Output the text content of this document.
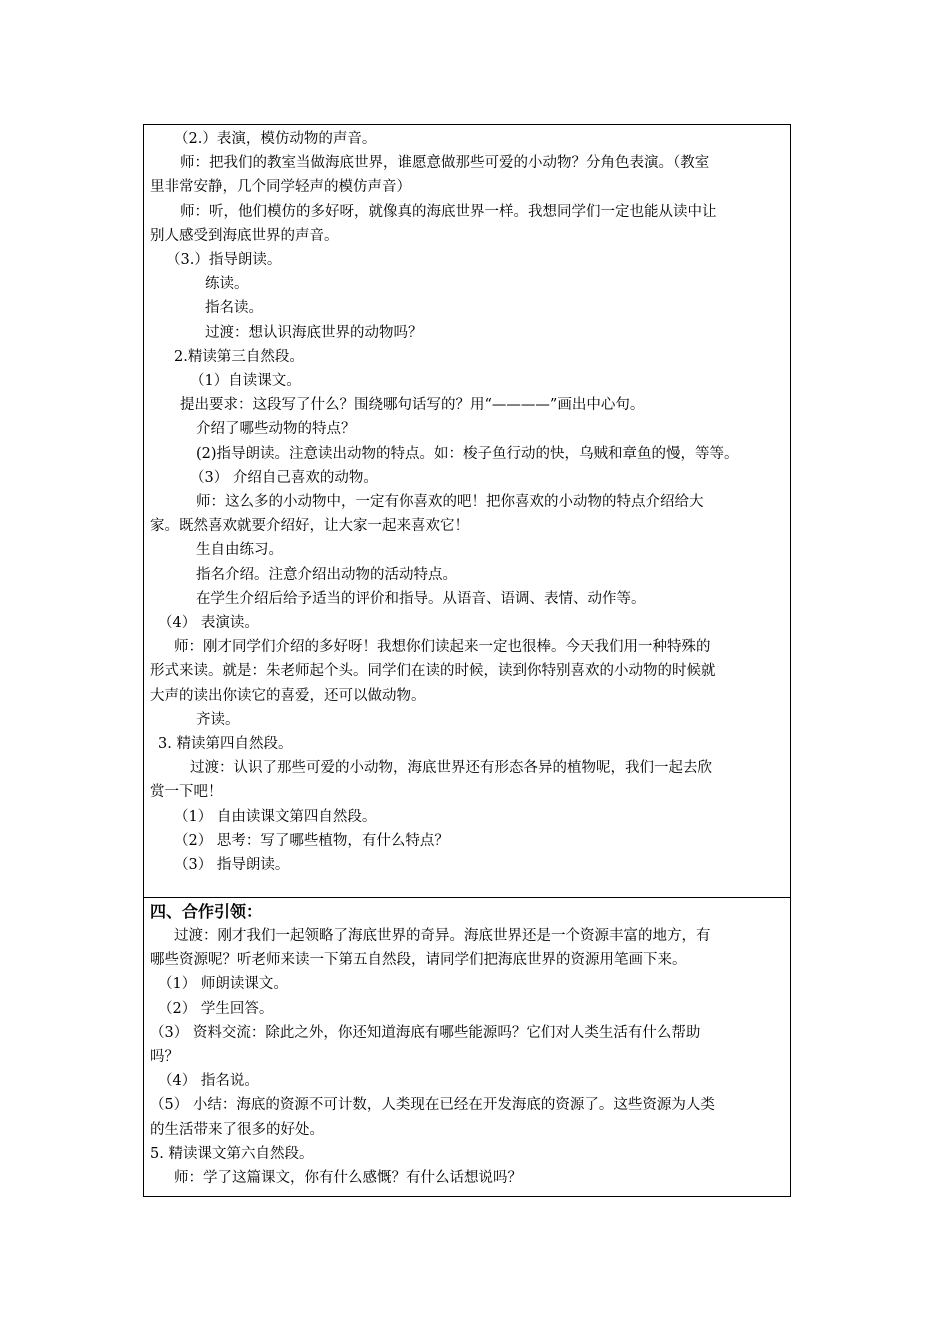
（2.）表演，模仿动物的声音。
师：把我们的教室当做海底世界，谁愿意做那些可爱的小动物？分角色表演。（教室
里非常安静，几个同学轻声的模仿声音）
师：听，他们模仿的多好呀，就像真的海底世界一样。我想同学们一定也能从读中让
别人感受到海底世界的声音。
（3.）指导朗读。
练读。
指名读。
过渡：想认识海底世界的动物吗？
2.精读第三自然段。
（1）自读课文。
提出要求：这段写了什么？围绕哪句话写的？用“————”画出中心句。
介绍了哪些动物的特点？
(2)指导朗读。注意读出动物的特点。如：梭子鱼行动的快，乌贼和章鱼的慢，等等。
（3） 介绍自己喜欢的动物。
师：这么多的小动物中，一定有你喜欢的吧！把你喜欢的小动物的特点介绍给大
家。既然喜欢就要介绍好，让大家一起来喜欢它！
生自由练习。
指名介绍。注意介绍出动物的活动特点。
在学生介绍后给予适当的评价和指导。从语音、语调、表情、动作等。
（4） 表演读。
师：刚才同学们介绍的多好呀！我想你们读起来一定也很棒。今天我们用一种特殊的
形式来读。就是：朱老师起个头。同学们在读的时候，读到你特别喜欢的小动物的时候就
大声的读出你读它的喜爱，还可以做动物。
齐读。
3. 精读第四自然段。
过渡：认识了那些可爱的小动物，海底世界还有形态各异的植物呢，我们一起去欣
赏一下吧！
（1） 自由读课文第四自然段。
（2） 思考：写了哪些植物，有什么特点？
（3） 指导朗读。
四、合作引领：
过渡：刚才我们一起领略了海底世界的奇异。海底世界还是一个资源丰富的地方，有
哪些资源呢？听老师来读一下第五自然段，请同学们把海底世界的资源用笔画下来。
（1） 师朗读课文。
（2） 学生回答。
（3） 资料交流：除此之外，你还知道海底有哪些能源吗？它们对人类生活有什么帮助
吗？
（4） 指名说。
（5） 小结：海底的资源不可计数，人类现在已经在开发海底的资源了。这些资源为人类
的生活带来了很多的好处。
5. 精读课文第六自然段。
师：学了这篇课文，你有什么感慨？有什么话想说吗？
